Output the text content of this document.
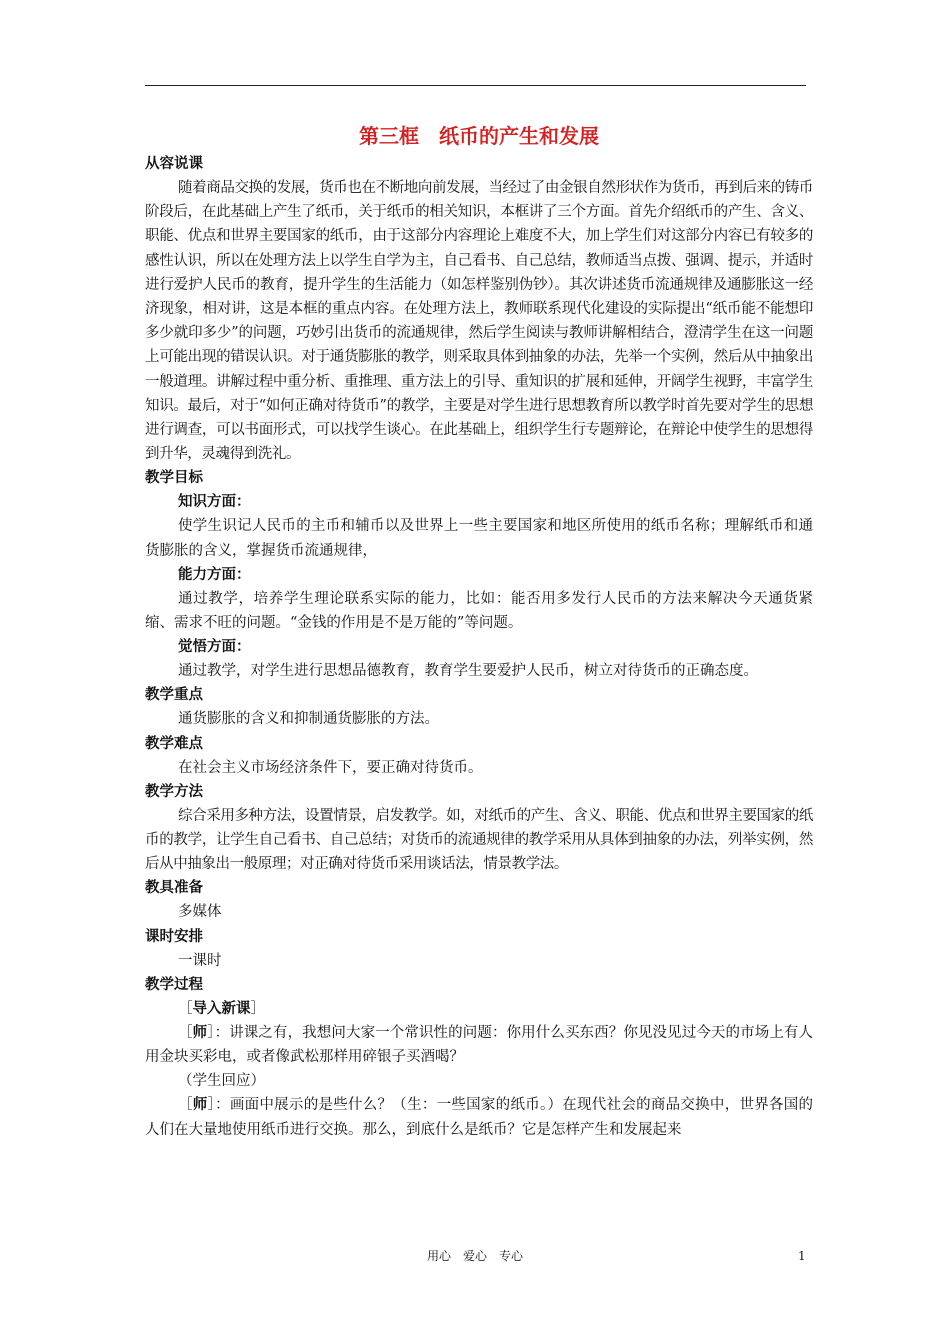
第三框　纸币的产生和发展

从容说课

随着商品交换的发展，货币也在不断地向前发展，当经过了由金银自然形状作为货币，再到后来的铸币阶段后，在此基础上产生了纸币，关于纸币的相关知识，本框讲了三个方面。首先介绍纸币的产生、含义、职能、优点和世界主要国家的纸币，由于这部分内容理论上难度不大，加上学生们对这部分内容已有较多的感性认识，所以在处理方法上以学生自学为主，自己看书、自己总结，教师适当点拨、强调、提示，并适时进行爱护人民币的教育，提升学生的生活能力（如怎样鉴别伪钞）。其次讲述货币流通规律及通膨胀这一经济现象，相对讲，这是本框的重点内容。在处理方法上，教师联系现代化建设的实际提出“纸币能不能想印多少就印多少”的问题，巧妙引出货币的流通规律，然后学生阅读与教师讲解相结合，澄清学生在这一问题上可能出现的错误认识。对于通货膨胀的教学，则采取具体到抽象的办法，先举一个实例，然后从中抽象出一般道理。讲解过程中重分析、重推理、重方法上的引导、重知识的扩展和延伸，开阔学生视野，丰富学生知识。最后，对于“如何正确对待货币”的教学，主要是对学生进行思想教育所以教学时首先要对学生的思想进行调查，可以书面形式，可以找学生谈心。在此基础上，组织学生行专题辩论，在辩论中使学生的思想得到升华，灵魂得到洗礼。

教学目标

知识方面：

使学生识记人民币的主币和辅币以及世界上一些主要国家和地区所使用的纸币名称；理解纸币和通货膨胀的含义，掌握货币流通规律，

能力方面：

通过教学，培养学生理论联系实际的能力，比如：能否用多发行人民币的方法来解决今天通货紧缩、需求不旺的问题。“金钱的作用是不是万能的”等问题。

觉悟方面：

通过教学，对学生进行思想品德教育，教育学生要爱护人民币，树立对待货币的正确态度。

教学重点

通货膨胀的含义和抑制通货膨胀的方法。

教学难点

在社会主义市场经济条件下，要正确对待货币。

教学方法

综合采用多种方法，设置情景，启发教学。如，对纸币的产生、含义、职能、优点和世界主要国家的纸币的教学，让学生自己看书、自己总结；对货币的流通规律的教学采用从具体到抽象的办法，列举实例，然后从中抽象出一般原理；对正确对待货币采用谈话法，情景教学法。

教具准备

多媒体

课时安排

一课时

教学过程

［导入新课］

［师］：讲课之有，我想问大家一个常识性的问题：你用什么买东西？你见没见过今天的市场上有人用金块买彩电，或者像武松那样用碎银子买酒喝？

（学生回应）

［师］：画面中展示的是些什么？（生：一些国家的纸币。）在现代社会的商品交换中，世界各国的人们在大量地使用纸币进行交换。那么，到底什么是纸币？它是怎样产生和发展起来

用心　爱心　专心	1
